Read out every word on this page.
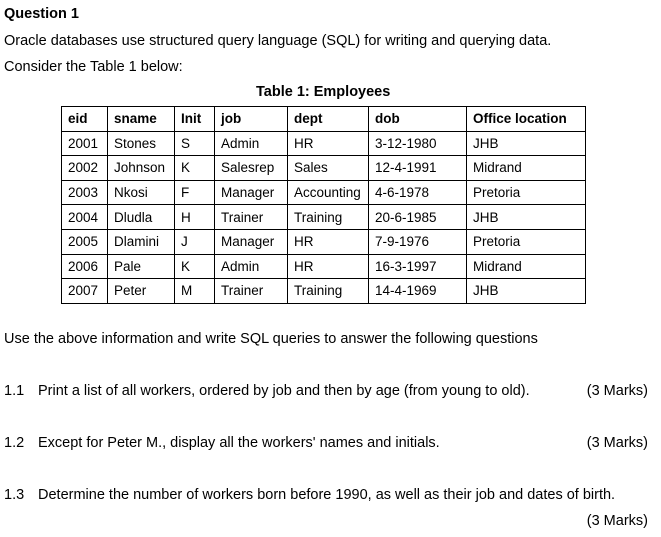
Question 1
Oracle databases use structured query language (SQL) for writing and querying data.
Consider the Table 1 below:
Table 1: Employees
eid	sname	Init	job	dept	dob	Office location
2001	Stones	S	Admin	HR	3-12-1980	JHB
2002	Johnson	K	Salesrep	Sales	12-4-1991	Midrand
2003	Nkosi	F	Manager	Accounting	4-6-1978	Pretoria
2004	Dludla	H	Trainer	Training	20-6-1985	JHB
2005	Dlamini	J	Manager	HR	7-9-1976	Pretoria
2006	Pale	K	Admin	HR	16-3-1997	Midrand
2007	Peter	M	Trainer	Training	14-4-1969	JHB
Use the above information and write SQL queries to answer the following questions
1.1 Print a list of all workers, ordered by job and then by age (from young to old).	(3 Marks)
1.2 Except for Peter M., display all the workers' names and initials.	(3 Marks)
1.3 Determine the number of workers born before 1990, as well as their job and dates of birth.
(3 Marks)
